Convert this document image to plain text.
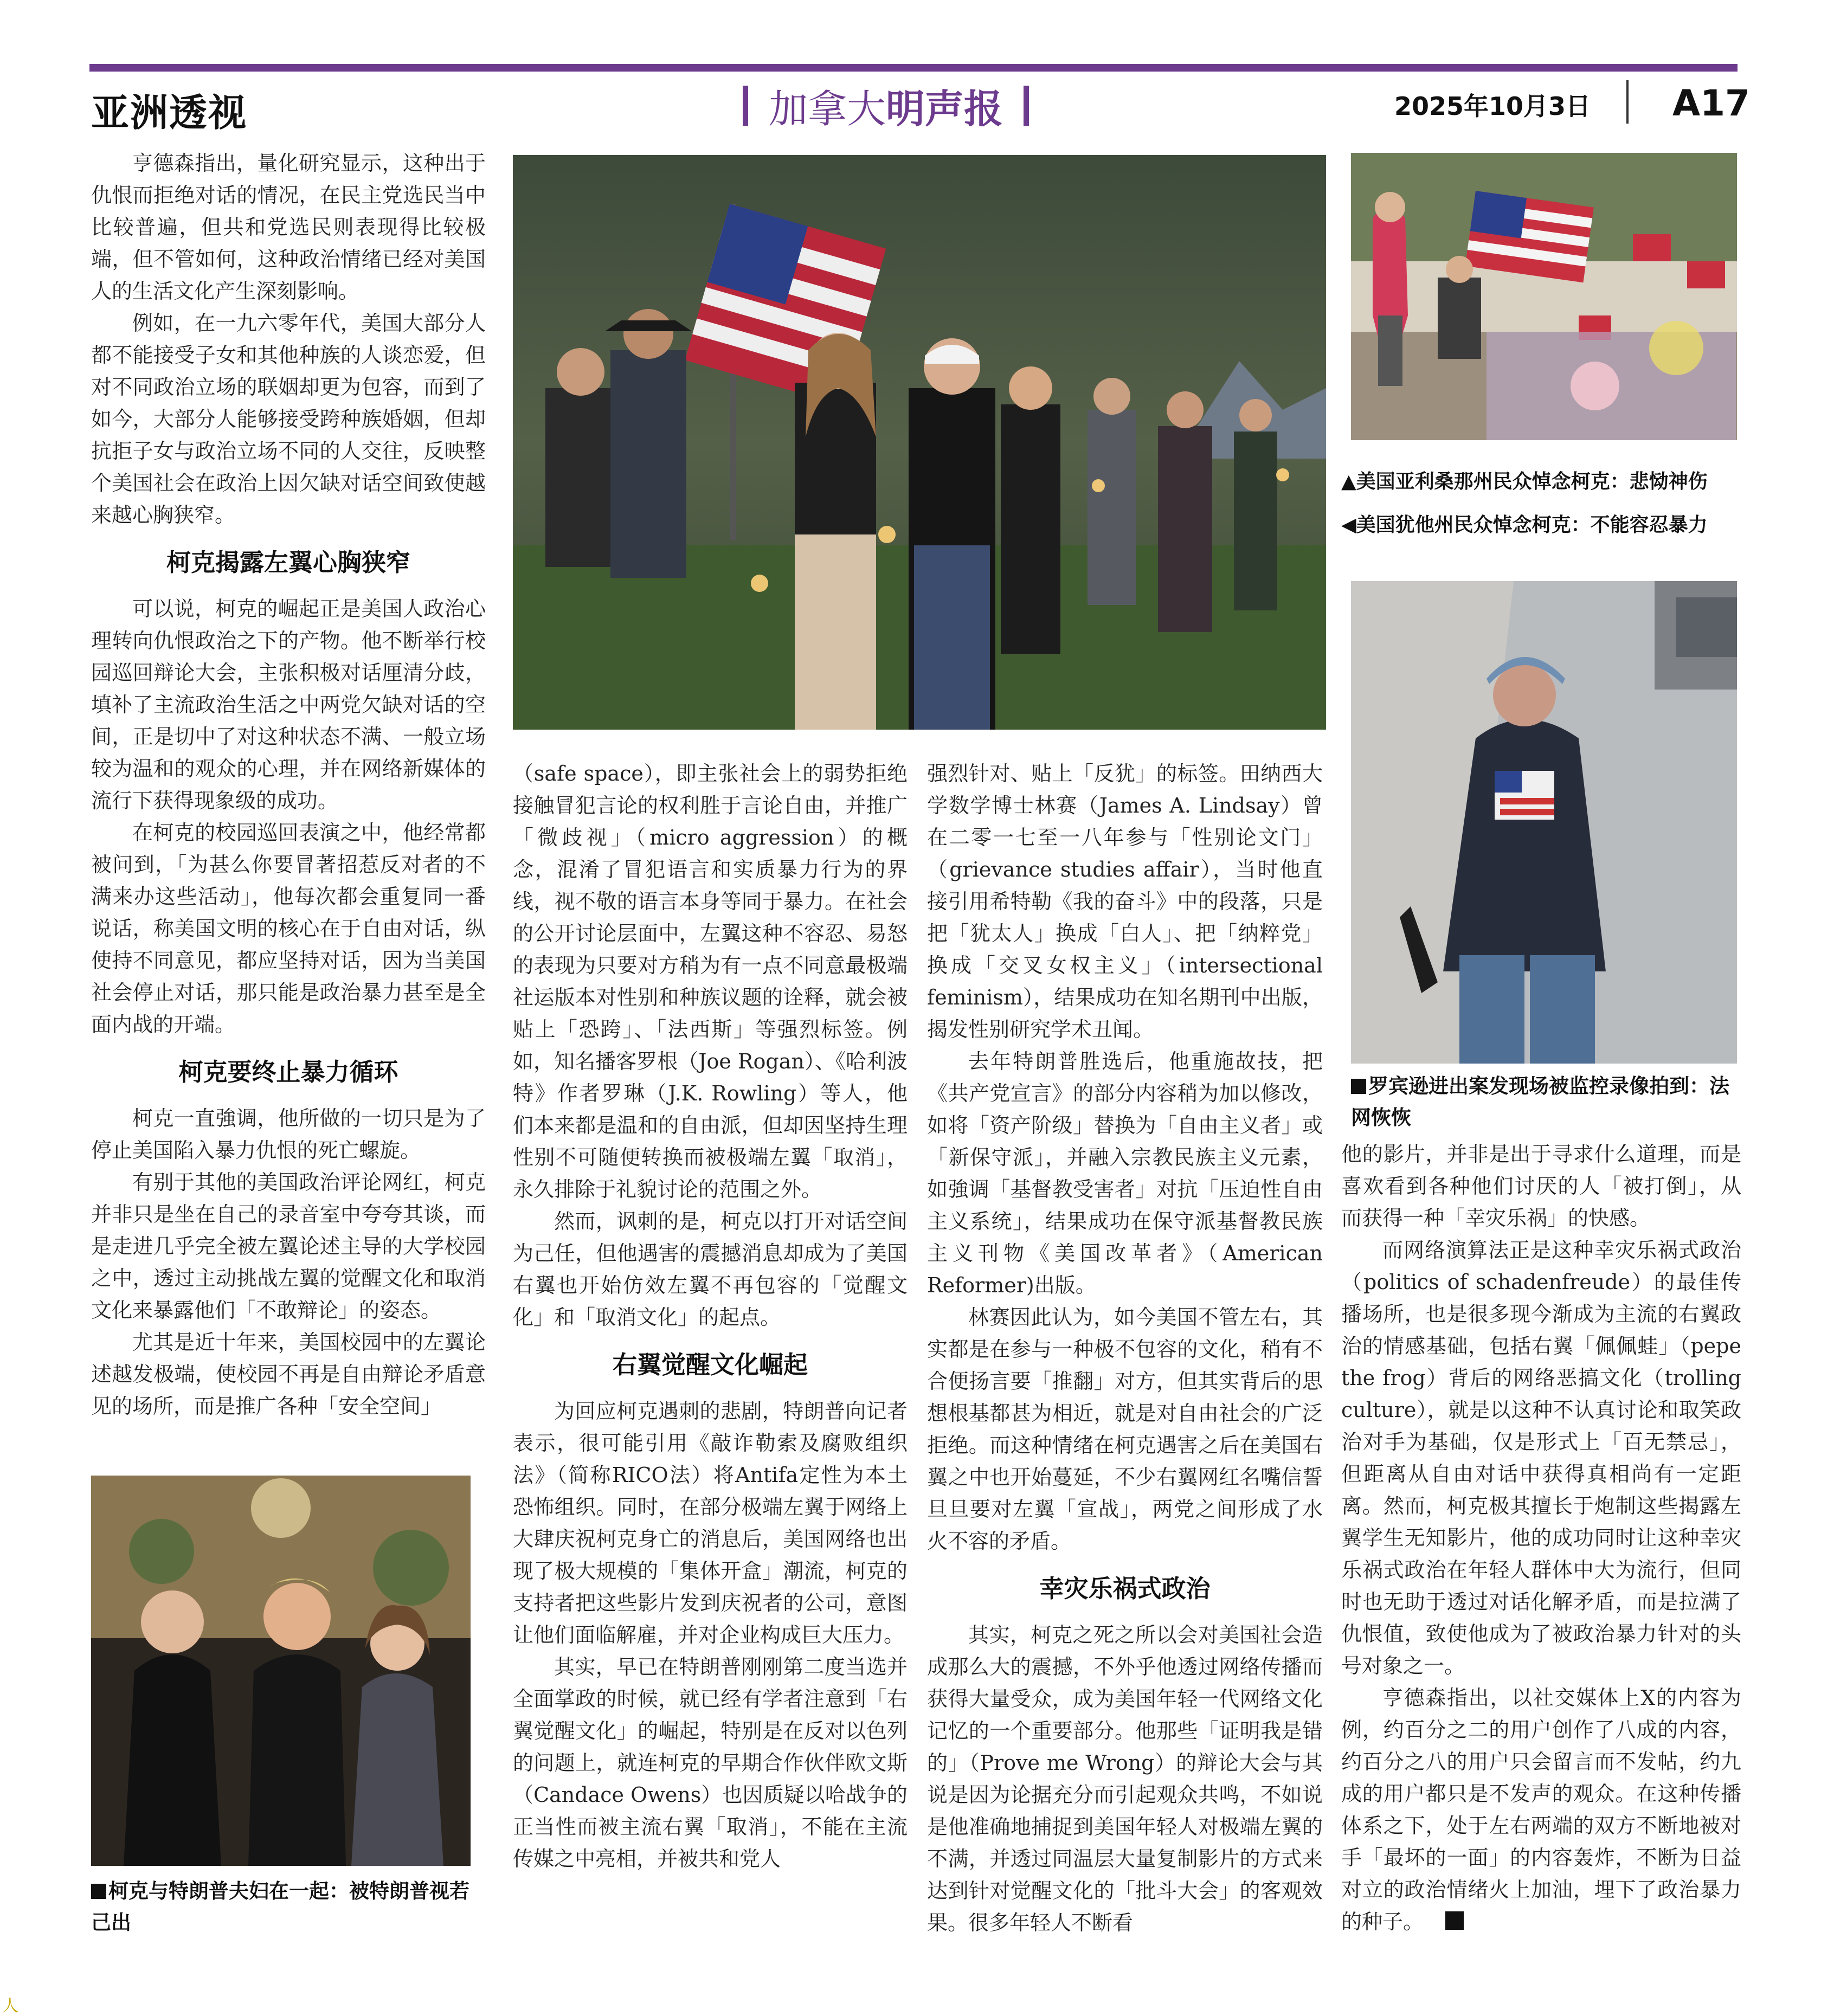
亚洲透视	加拿大明声报	2025年10月3日 A17

亨德森指出，量化研究显示，这种出于仇恨而拒绝对话的情况，在民主党选民当中比较普遍，但共和党选民则表现得比较极端，但不管如何，这种政治情绪已经对美国人的生活文化产生深刻影响。

例如，在一九六零年代，美国大部分人都不能接受子女和其他种族的人谈恋爱，但对不同政治立场的联姻却更为包容，而到了如今，大部分人能够接受跨种族婚姻，但却抗拒子女与政治立场不同的人交往，反映整个美国社会在政治上因欠缺对话空间致使越来越心胸狭窄。

柯克揭露左翼心胸狭窄

可以说，柯克的崛起正是美国人政治心理转向仇恨政治之下的产物。他不断举行校园巡回辩论大会，主张积极对话厘清分歧，填补了主流政治生活之中两党欠缺对话的空间，正是切中了对这种状态不满、一般立场较为温和的观众的心理，并在网络新媒体的流行下获得现象级的成功。

在柯克的校园巡回表演之中，他经常都被问到，「为甚么你要冒著招惹反对者的不满来办这些活动」，他每次都会重复同一番说话，称美国文明的核心在于自由对话，纵使持不同意见，都应坚持对话，因为当美国社会停止对话，那只能是政治暴力甚至是全面内战的开端。

柯克要终止暴力循环

柯克一直強调，他所做的一切只是为了停止美国陷入暴力仇恨的死亡螺旋。

有别于其他的美国政治评论网红，柯克并非只是坐在自己的录音室中夸夸其谈，而是走进几乎完全被左翼论述主导的大学校园之中，透过主动挑战左翼的觉醒文化和取消文化来暴露他们「不敢辩论」的姿态。

尤其是近十年来，美国校园中的左翼论述越发极端，使校园不再是自由辩论矛盾意见的场所，而是推广各种「安全空间」

柯克与特朗普夫妇在一起：被特朗普视若己出

（safe space），即主张社会上的弱势拒绝接触冒犯言论的权利胜于言论自由，并推广「微歧视」（micro aggression）的概念，混淆了冒犯语言和实质暴力行为的界线，视不敬的语言本身等同于暴力。在社会的公开讨论层面中，左翼这种不容忍、易怒的表现为只要对方稍为有一点不同意最极端社运版本对性别和种族议题的诠释，就会被贴上「恐跨」、「法西斯」等强烈标签。例如，知名播客罗根（Joe Rogan）、《哈利波特》作者罗琳（J.K. Rowling）等人，他们本来都是温和的自由派，但却因坚持生理性别不可随便转换而被极端左翼「取消」，永久排除于礼貌讨论的范围之外。

然而，讽刺的是，柯克以打开对话空间为己任，但他遇害的震撼消息却成为了美国右翼也开始仿效左翼不再包容的「觉醒文化」和「取消文化」的起点。

右翼觉醒文化崛起

为回应柯克遇刺的悲剧，特朗普向记者表示，很可能引用《敲诈勒索及腐败组织法》（简称RICO法）将Antifa定性为本土恐怖组织。同时，在部分极端左翼于网络上大肆庆祝柯克身亡的消息后，美国网络也出现了极大规模的「集体开盒」潮流，柯克的支持者把这些影片发到庆祝者的公司，意图让他们面临解雇，并对企业构成巨大压力。

其实，早已在特朗普刚刚第二度当选并全面掌政的时候，就已经有学者注意到「右翼觉醒文化」的崛起，特别是在反对以色列的问题上，就连柯克的早期合作伙伴欧文斯（Candace Owens）也因质疑以哈战争的正当性而被主流右翼「取消」，不能在主流传媒之中亮相，并被共和党人

强烈针对、贴上「反犹」的标签。田纳西大学数学博士林赛（James A. Lindsay）曾在二零一七至一八年参与「性别论文门」（grievance studies affair），当时他直接引用希特勒《我的奋斗》中的段落，只是把「犹太人」换成「白人」、把「纳粹党」换成「交叉女权主义」（intersectional feminism），结果成功在知名期刊中出版，揭发性别研究学术丑闻。

去年特朗普胜选后，他重施故技，把《共产党宣言》的部分内容稍为加以修改，如将「资产阶级」替换为「自由主义者」或「新保守派」，并融入宗教民族主义元素，如強调「基督教受害者」对抗「压迫性自由主义系统」，结果成功在保守派基督教民族主义刊物《美国改革者》（American Reformer)出版。

林赛因此认为，如今美国不管左右，其实都是在参与一种极不包容的文化，稍有不合便扬言要「推翻」对方，但其实背后的思想根基都甚为相近，就是对自由社会的广泛拒绝。而这种情绪在柯克遇害之后在美国右翼之中也开始蔓延，不少右翼网红名嘴信誓旦旦要对左翼「宣战」，两党之间形成了水火不容的矛盾。

幸灾乐祸式政治

其实，柯克之死之所以会对美国社会造成那么大的震撼，不外乎他透过网络传播而获得大量受众，成为美国年轻一代网络文化记忆的一个重要部分。他那些「证明我是错的」（Prove me Wrong）的辩论大会与其说是因为论据充分而引起观众共鸣，不如说是他准确地捕捉到美国年轻人对极端左翼的不满，并透过同温层大量复制影片的方式来达到针对觉醒文化的「批斗大会」的客观效果。很多年轻人不断看

▲美国亚利桑那州民众悼念柯克：悲恸神伤
◀美国犹他州民众悼念柯克：不能容忍暴力
罗宾逊进出案发现场被监控录像拍到：法网恢恢

他的影片，并非是出于寻求什么道理，而是喜欢看到各种他们讨厌的人「被打倒」，从而获得一种「幸灾乐祸」的快感。

而网络演算法正是这种幸灾乐祸式政治（politics of schadenfreude）的最佳传播场所，也是很多现今渐成为主流的右翼政治的情感基础，包括右翼「佩佩蛙」（pepe the frog）背后的网络恶搞文化（trolling culture），就是以这种不认真讨论和取笑政治对手为基础，仅是形式上「百无禁忌」，但距离从自由对话中获得真相尚有一定距离。然而，柯克极其擅长于炮制这些揭露左翼学生无知影片，他的成功同时让这种幸灾乐祸式政治在年轻人群体中大为流行，但同时也无助于透过对话化解矛盾，而是拉满了仇恨值，致使他成为了被政治暴力针对的头号对象之一。

亨德森指出，以社交媒体上X的内容为例，约百分之二的用户创作了八成的内容，约百分之八的用户只会留言而不发帖，约九成的用户都只是不发声的观众。在这种传播体系之下，处于左右两端的双方不断地被对手「最坏的一面」的内容轰炸，不断为日益对立的政治情绪火上加油，埋下了政治暴力的种子。

人
